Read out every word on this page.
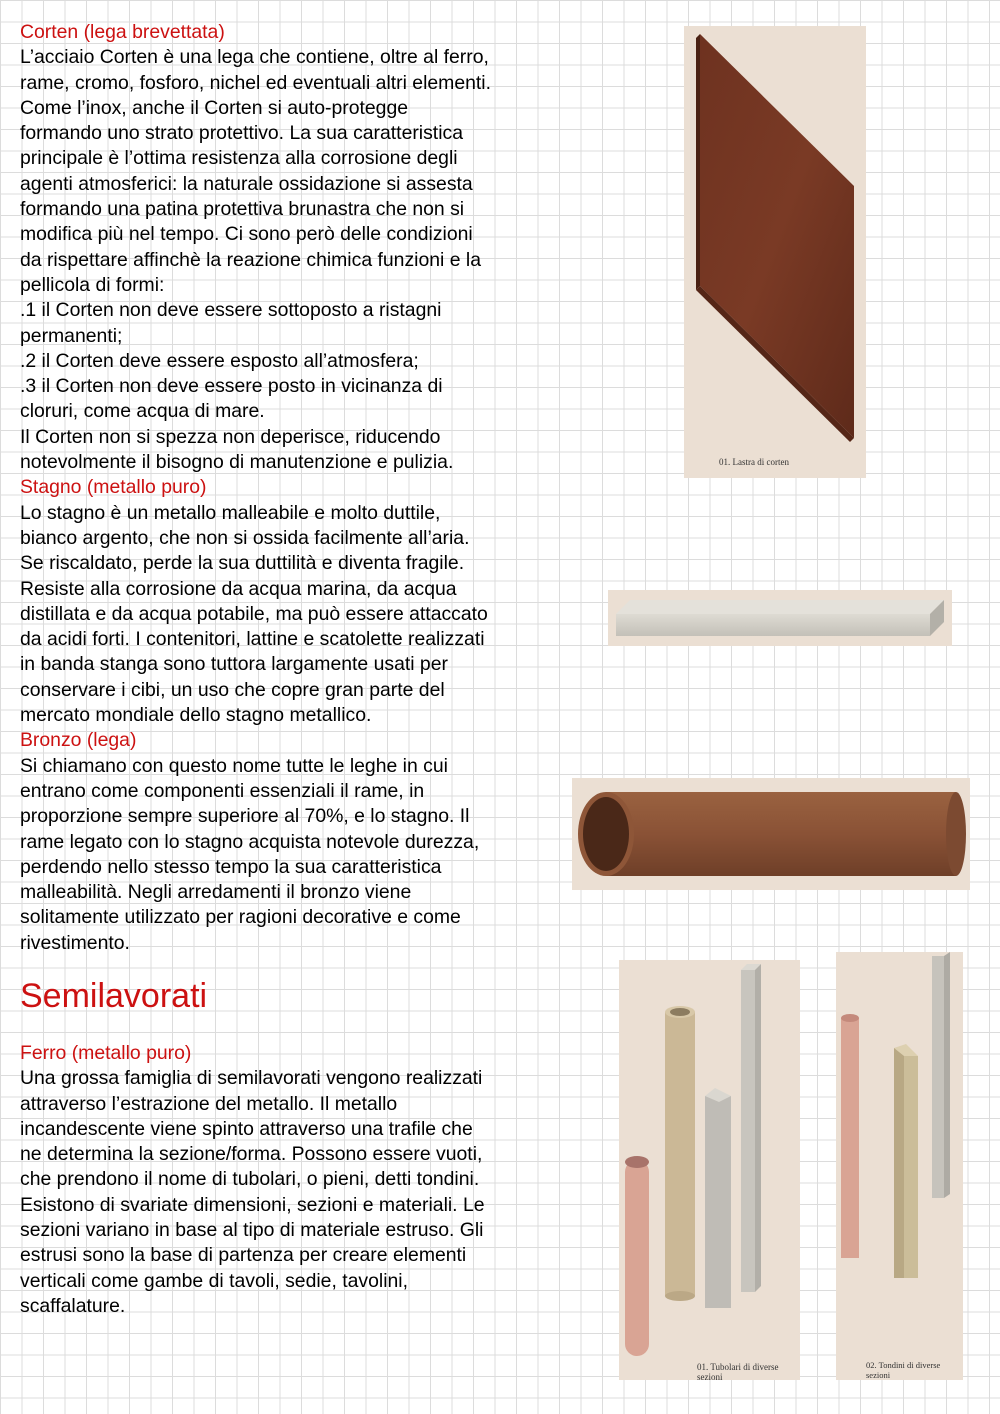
Corten (lega brevettata)

L’acciaio Corten è una lega che contiene, oltre al ferro,

rame, cromo, fosforo, nichel ed eventuali altri elementi.

Come l’inox, anche il Corten si auto-protegge

formando uno strato protettivo. La sua caratteristica

principale è l’ottima resistenza alla corrosione degli

agenti atmosferici: la naturale ossidazione si assesta

formando una patina protettiva brunastra che non si

modifica più nel tempo. Ci sono però delle condizioni

da rispettare affinchè la reazione chimica funzioni e la

pellicola di formi:

.1 il Corten non deve essere sottoposto a ristagni

permanenti;

.2 il Corten deve essere esposto all’atmosfera;

.3 il Corten non deve essere posto in vicinanza di

cloruri, come acqua di mare.

Il Corten non si spezza non deperisce, riducendo

notevolmente il bisogno di manutenzione e pulizia.

Stagno (metallo puro)

Lo stagno è un metallo malleabile e molto duttile,

bianco argento, che non si ossida facilmente all’aria.

Se riscaldato, perde la sua duttilità e diventa fragile.

Resiste alla corrosione da acqua marina, da acqua

distillata e da acqua potabile, ma può essere attaccato

da acidi forti. I contenitori, lattine e scatolette realizzati

in banda stanga sono tuttora largamente usati per

conservare i cibi, un uso che copre gran parte del

mercato mondiale dello stagno metallico.

Bronzo (lega)

Si chiamano con questo nome tutte le leghe in cui

entrano come componenti essenziali il rame, in

proporzione sempre superiore al 70%, e lo stagno. Il

rame legato con lo stagno acquista notevole durezza,

perdendo nello stesso tempo la sua caratteristica

malleabilità. Negli arredamenti il bronzo viene

solitamente utilizzato per ragioni decorative e come

rivestimento.

Semilavorati

Ferro (metallo puro)

Una grossa famiglia di semilavorati vengono realizzati

attraverso l’estrazione del metallo. Il metallo

incandescente viene spinto attraverso una trafile che

ne determina la sezione/forma. Possono essere vuoti,

che prendono il nome di tubolari, o pieni, detti tondini.

Esistono di svariate dimensioni, sezioni e materiali. Le

sezioni variano in base al tipo di materiale estruso. Gli

estrusi sono la base di partenza per creare elementi

verticali come gambe di tavoli, sedie, tavolini,

scaffalature.

01. Lastra di corten
01. Tubolari di diverse sezioni
02. Tondini di diverse sezioni
